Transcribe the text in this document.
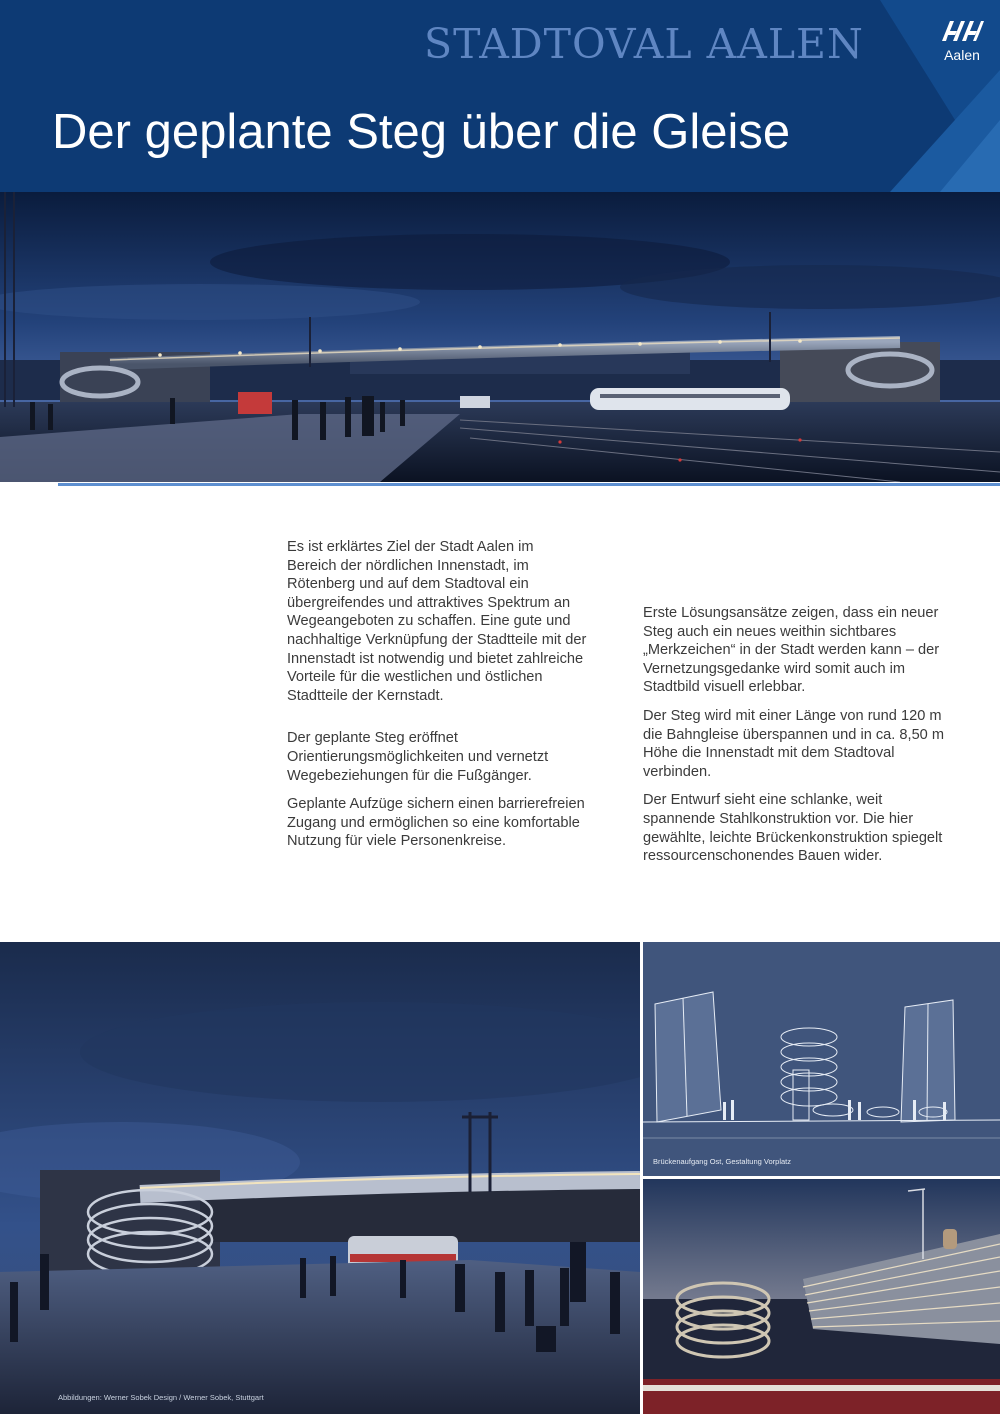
STADTOVAL AALEN
Der geplante Steg über die Gleise
Aalen

Es ist erklärtes Ziel der Stadt Aalen im Bereich der nördlichen Innenstadt, im Rötenberg und auf dem Stadtoval ein übergreifendes und attraktives Spektrum an Wegeangeboten zu schaffen. Eine gute und nachhaltige Verknüpfung der Stadtteile mit der Innenstadt ist notwendig und bietet zahlreiche Vorteile für die westlichen und östlichen Stadtteile der Kernstadt.

Der geplante Steg eröffnet Orientierungsmöglichkeiten und vernetzt Wegebeziehungen für die Fußgänger.

Geplante Aufzüge sichern einen barrierefreien Zugang und ermöglichen so eine komfortable Nutzung für viele Personenkreise.

Erste Lösungsansätze zeigen, dass ein neuer Steg auch ein neues weithin sichtbares „Merkzeichen“ in der Stadt werden kann – der Vernetzungsgedanke wird somit auch im Stadtbild visuell erlebbar.

Der Steg wird mit einer Länge von rund 120 m die Bahngleise überspannen und in ca. 8,50 m Höhe die Innenstadt mit dem Stadtoval verbinden.

Der Entwurf sieht eine schlanke, weit spannende Stahlkonstruktion vor. Die hier gewählte, leichte Brückenkonstruktion spiegelt ressourcenschonendes Bauen wider.

Brückenaufgang Ost, Gestaltung Vorplatz
Abbildungen: Werner Sobek Design / Werner Sobek, Stuttgart
